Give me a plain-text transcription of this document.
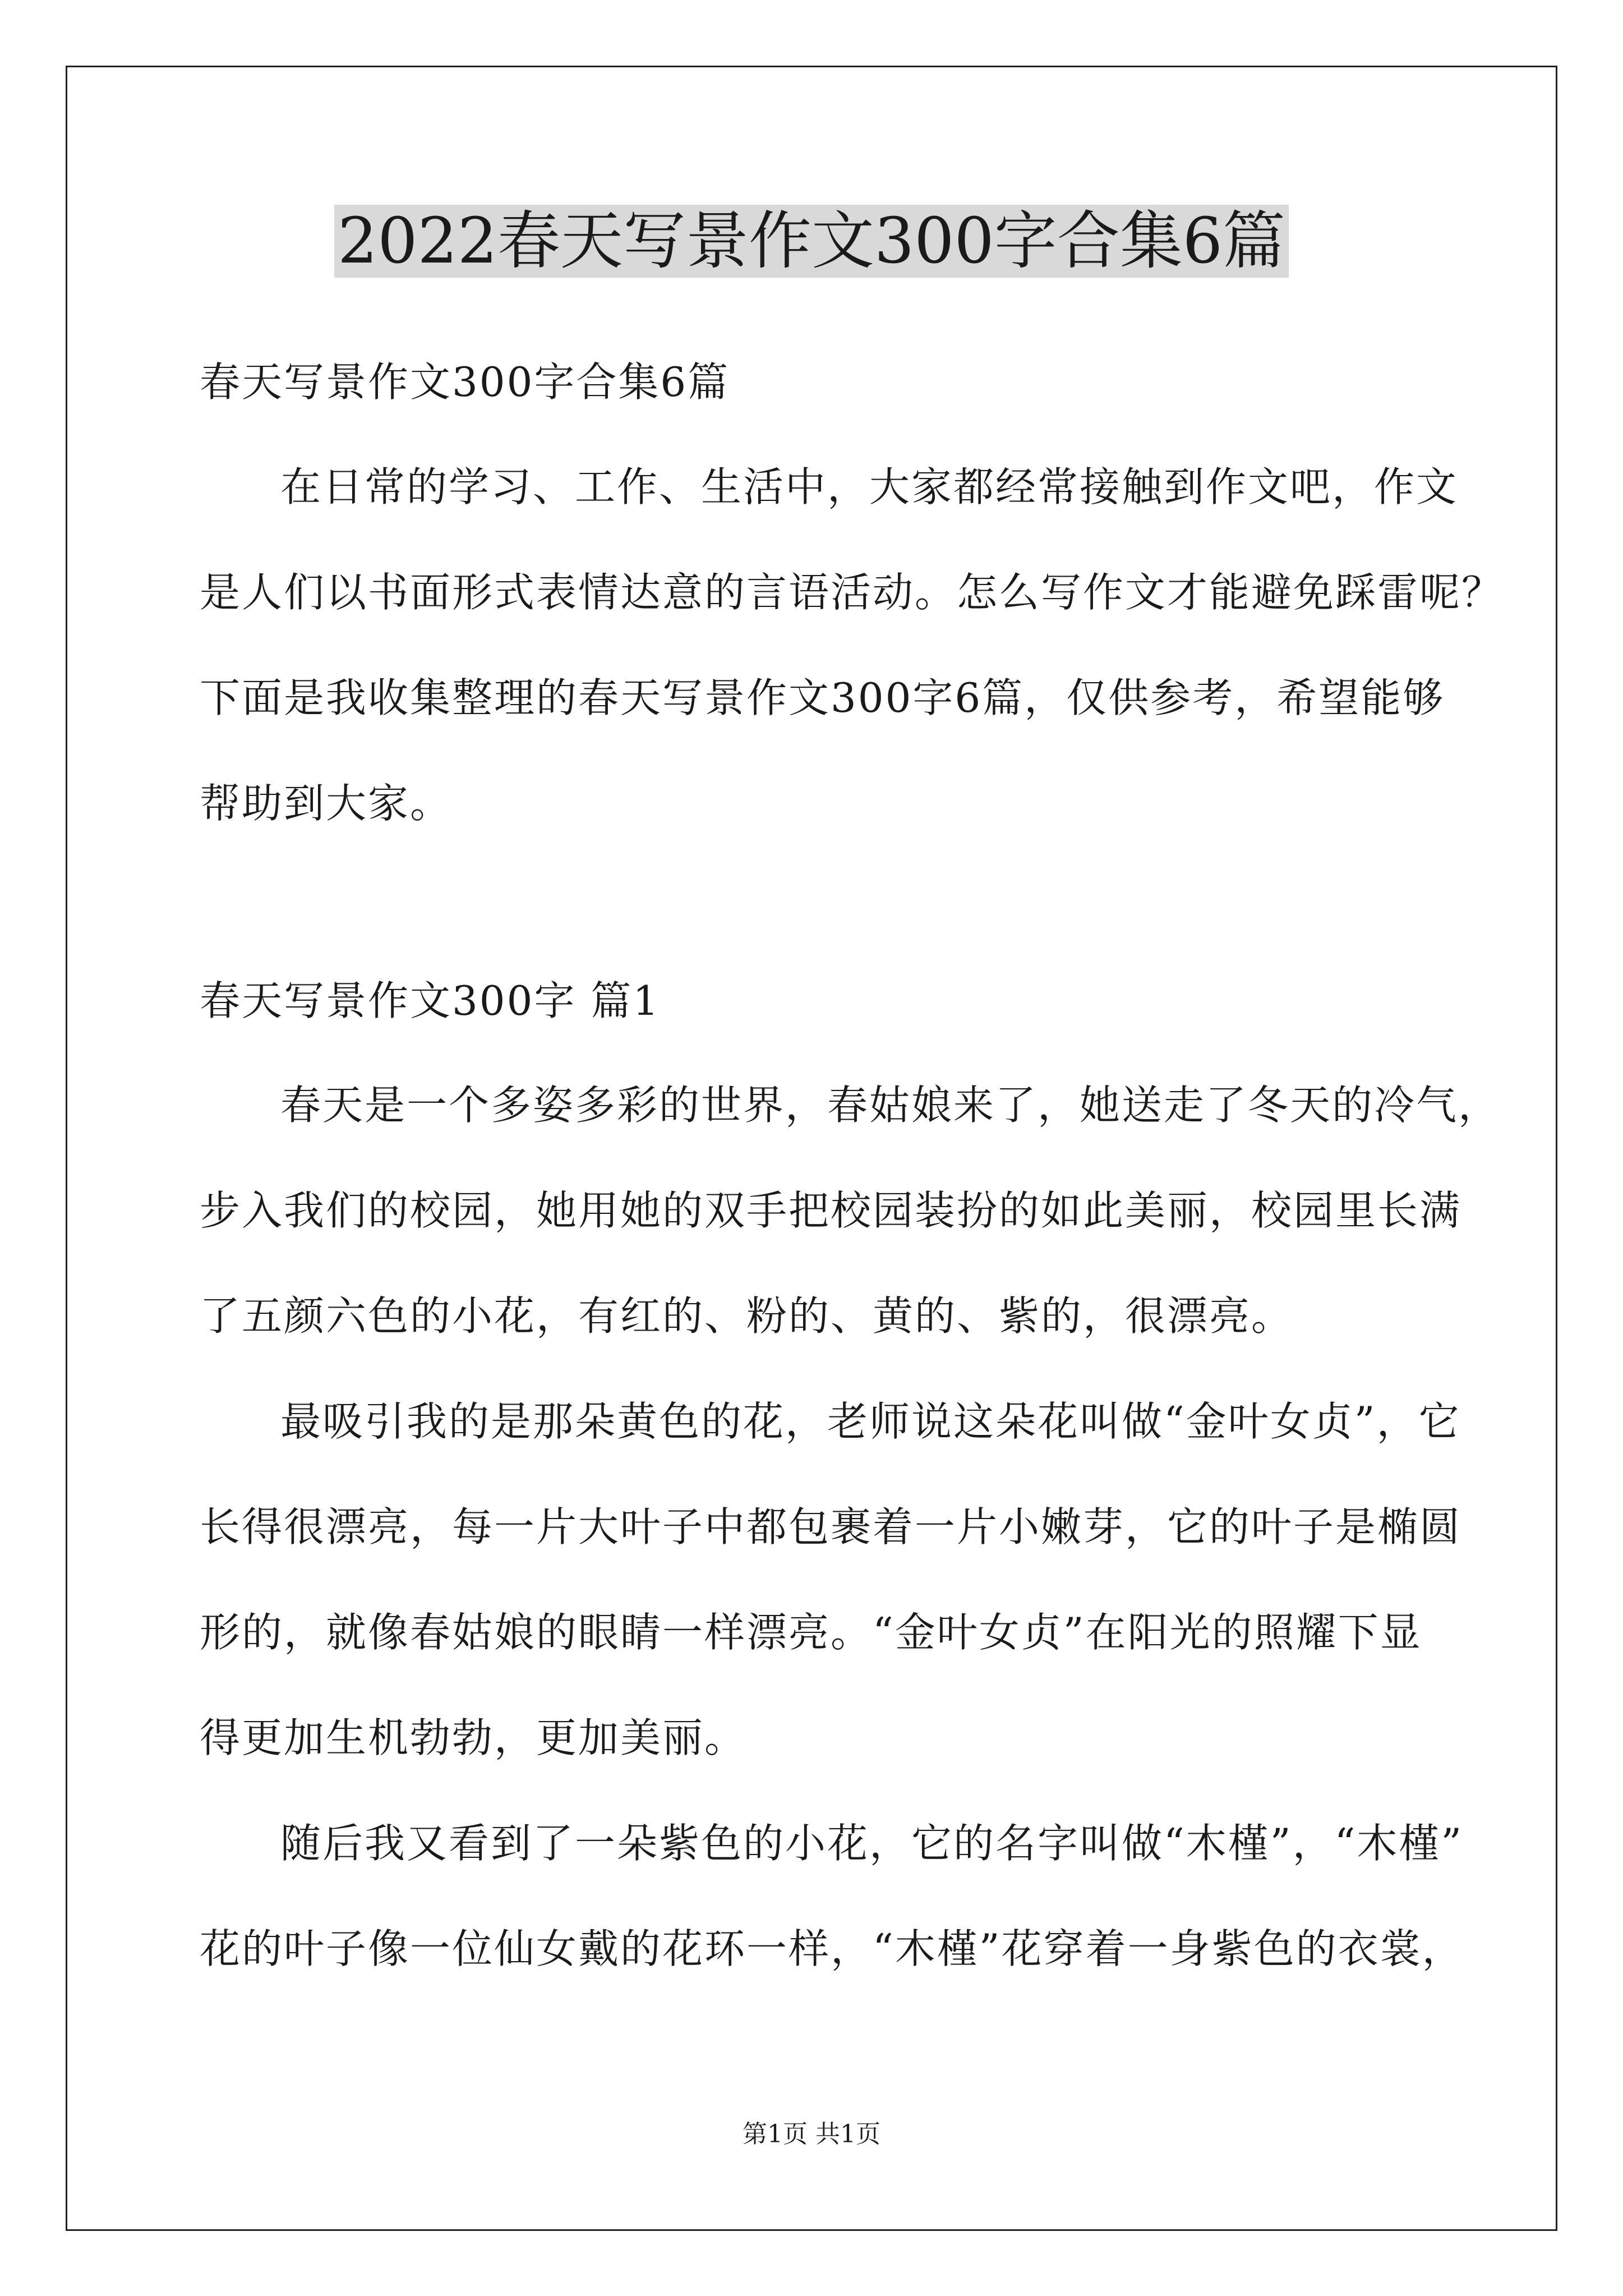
2022春天写景作文300字合集6篇
春天写景作文300字合集6篇
在日常的学习、工作、生活中，大家都经常接触到作文吧，作文
是人们以书面形式表情达意的言语活动。怎么写作文才能避免踩雷呢？
下面是我收集整理的春天写景作文300字6篇，仅供参考，希望能够
帮助到大家。
春天写景作文300字 篇1
春天是一个多姿多彩的世界，春姑娘来了，她送走了冬天的冷气，
步入我们的校园，她用她的双手把校园装扮的如此美丽，校园里长满
了五颜六色的小花，有红的、粉的、黄的、紫的，很漂亮。
最吸引我的是那朵黄色的花，老师说这朵花叫做“金叶女贞”，它
长得很漂亮，每一片大叶子中都包裹着一片小嫩芽，它的叶子是椭圆
形的，就像春姑娘的眼睛一样漂亮。“金叶女贞”在阳光的照耀下显
得更加生机勃勃，更加美丽。
随后我又看到了一朵紫色的小花，它的名字叫做“木槿”，“木槿”
花的叶子像一位仙女戴的花环一样，“木槿”花穿着一身紫色的衣裳，
第1页 共1页
